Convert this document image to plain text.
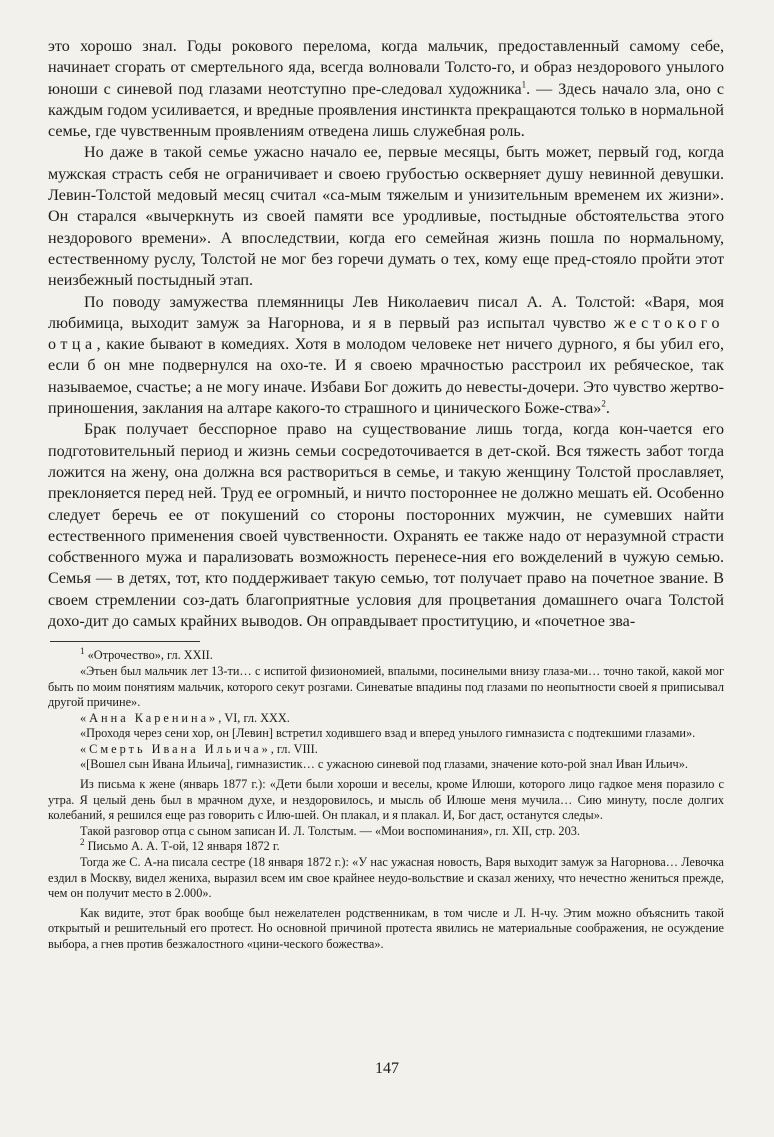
это хорошо знал. Годы рокового перелома, когда мальчик, предоставленный самому себе, начинает сгорать от смертельного яда, всегда волновали Толсто-го, и образ нездорового унылого юноши с синевой под глазами неотступно пре-следовал художника$^1$. — Здесь начало зла, оно с каждым годом усиливается, и вредные проявления инстинкта прекращаются только в нормальной семье, где чувственным проявлениям отведена лишь служебная роль.

Но даже в такой семье ужасно начало ее, первые месяцы, быть может, первый год, когда мужская страсть себя не ограничивает и своею грубостью оскверняет душу невинной девушки. Левин-Толстой медовый месяц считал «са-мым тяжелым и унизительным временем их жизни». Он старался «вычеркнуть из своей памяти все уродливые, постыдные обстоятельства этого нездорового времени». А впоследствии, когда его семейная жизнь пошла по нормальному, естественному руслу, Толстой не мог без горечи думать о тех, кому еще пред-стояло пройти этот неизбежный постыдный этап.

По поводу замужества племянницы Лев Николаевич писал А. А. Толстой: «Варя, моя любимица, выходит замуж за Нагорнова, и я в первый раз испытал чувство жестокого отца, какие бывают в комедиях. Хотя в молодом человеке нет ничего дурного, я бы убил его, если б он мне подвернулся на охо-те. И я своею мрачностью расстроил их ребяческое, так называемое, счастье; а не могу иначе. Избави Бог дожить до невесты-дочери. Это чувство жертво-приношения, заклания на алтаре какого-то страшного и цинического Боже-ства»$^2$.

Брак получает бесспорное право на существование лишь тогда, когда кон-чается его подготовительный период и жизнь семьи сосредоточивается в дет-ской. Вся тяжесть забот тогда ложится на жену, она должна вся раствориться в семье, и такую женщину Толстой прославляет, преклоняется перед ней. Труд ее огромный, и ничто постороннее не должно мешать ей. Особенно следует беречь ее от покушений со стороны посторонних мужчин, не сумевших найти естественного применения своей чувственности. Охранять ее также надо от неразумной страсти собственного мужа и парализовать возможность перенесе-ния его вожделений в чужую семью. Семья — в детях, тот, кто поддерживает такую семью, тот получает право на почетное звание. В своем стремлении соз-дать благоприятные условия для процветания домашнего очага Толстой дохо-дит до самых крайних выводов. Он оправдывает проституцию, и «почетное зва-

$^1$ «Отрочество», гл. XXII.

«Этьен был мальчик лет 13-ти… с испитой физиономией, впалыми, посинелыми внизу глаза-ми… точно такой, какой мог быть по моим понятиям мальчик, которого секут розгами. Синеватые впадины под глазами по неопытности своей я приписывал другой причине».

«Анна Каренина», VI, гл. XXX.

«Проходя через сени хор, он [Левин] встретил ходившего взад и вперед унылого гимназиста с подтекшими глазами».

«Смерть Ивана Ильича», гл. VIII.

«[Вошел сын Ивана Ильича], гимназистик… с ужасною синевой под глазами, значение кото-рой знал Иван Ильич».

Из письма к жене (январь 1877 г.): «Дети были хороши и веселы, кроме Илюши, которого лицо гадкое меня поразило с утра. Я целый день был в мрачном духе, и нездоровилось, и мысль об Илюше меня мучила… Сию минуту, после долгих колебаний, я решился еще раз говорить с Илю-шей. Он плакал, и я плакал. И, Бог даст, останутся следы».

Такой разговор отца с сыном записан И. Л. Толстым. — «Мои воспоминания», гл. XII, стр. 203.

$^2$ Письмо А. А. Т-ой, 12 января 1872 г.

Тогда же С. А-на писала сестре (18 января 1872 г.): «У нас ужасная новость, Варя выходит замуж за Нагорнова… Левочка ездил в Москву, видел жениха, выразил всем им свое крайнее неудо-вольствие и сказал жениху, что нечестно жениться прежде, чем он получит место в 2.000».

Как видите, этот брак вообще был нежелателен родственникам, в том числе и Л. Н-чу. Этим можно объяснить такой открытый и решительный его протест. Но основной причиной протеста явились не материальные соображения, не осуждение выбора, а гнев против безжалостного «цини-ческого божества».

147
